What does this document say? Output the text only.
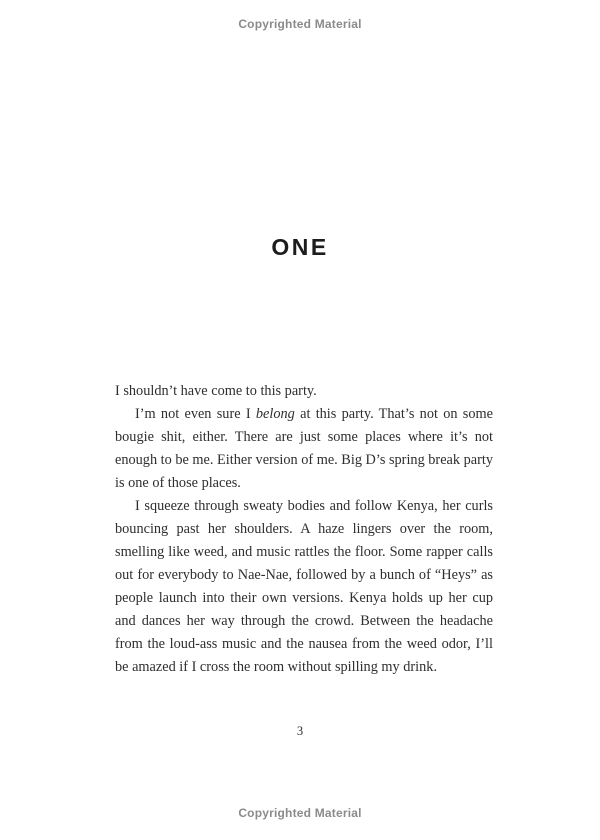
Copyrighted Material
ONE

I shouldn’t have come to this party.

I’m not even sure I belong at this party. That’s not on some bougie shit, either. There are just some places where it’s not enough to be me. Either version of me. Big D’s spring break party is one of those places.

I squeeze through sweaty bodies and follow Kenya, her curls bouncing past her shoulders. A haze lingers over the room, smelling like weed, and music rattles the floor. Some rapper calls out for everybody to Nae-Nae, followed by a bunch of “Heys” as people launch into their own versions. Kenya holds up her cup and dances her way through the crowd. Between the headache from the loud-ass music and the nausea from the weed odor, I’ll be amazed if I cross the room without spilling my drink.

3
Copyrighted Material
